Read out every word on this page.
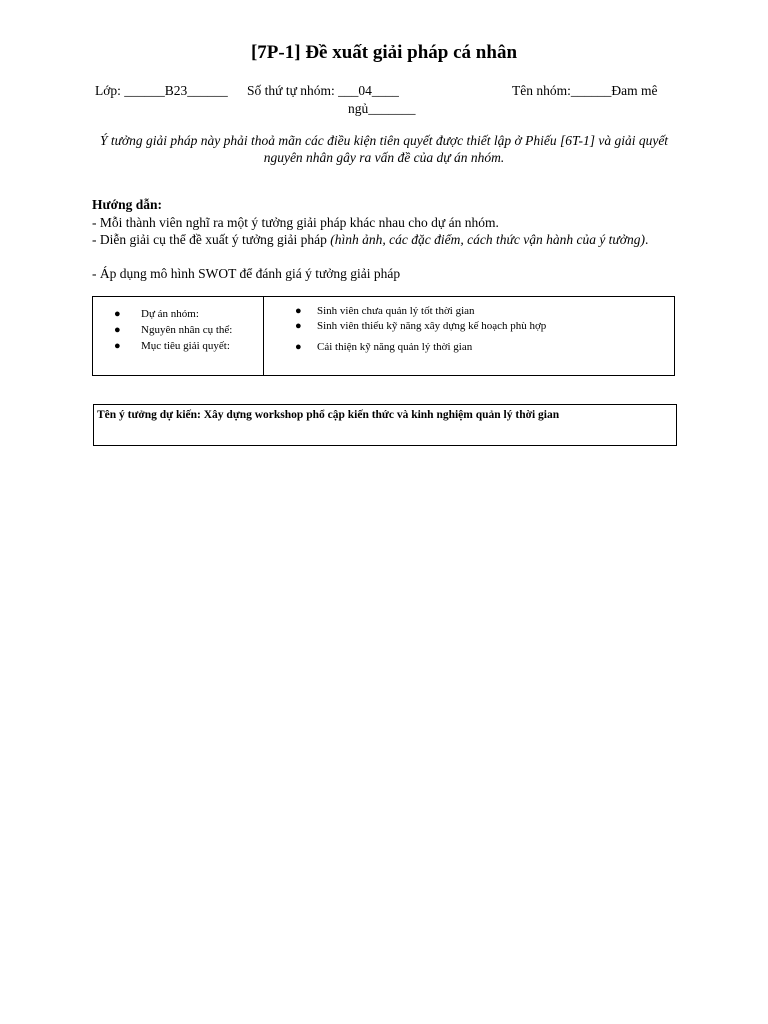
[7P-1] Đề xuất giải pháp cá nhân
Lớp: ______B23______ Số thứ tự nhóm: ___04____	Tên nhóm:______Đam mê
ngủ_______
Ý tưởng giải pháp này phải thoả mãn các điều kiện tiên quyết được thiết lập ở Phiếu [6T-1] và giải quyết nguyên nhân gây ra vấn đề của dự án nhóm.
Hướng dẫn:
- Mỗi thành viên nghĩ ra một ý tưởng giải pháp khác nhau cho dự án nhóm.
- Diễn giải cụ thể đề xuất ý tưởng giải pháp (hình ảnh, các đặc điểm, cách thức vận hành của ý tưởng).
- Áp dụng mô hình SWOT để đánh giá ý tưởng giải pháp
● Dự án nhóm:
● Nguyên nhân cụ thể:
● Mục tiêu giải quyết:
● Sinh viên chưa quản lý tốt thời gian
● Sinh viên thiếu kỹ năng xây dựng kế hoạch phù hợp
● Cải thiện kỹ năng quản lý thời gian
Tên ý tưởng dự kiến: Xây dựng workshop phổ cập kiến thức và kinh nghiệm quản lý thời gian
